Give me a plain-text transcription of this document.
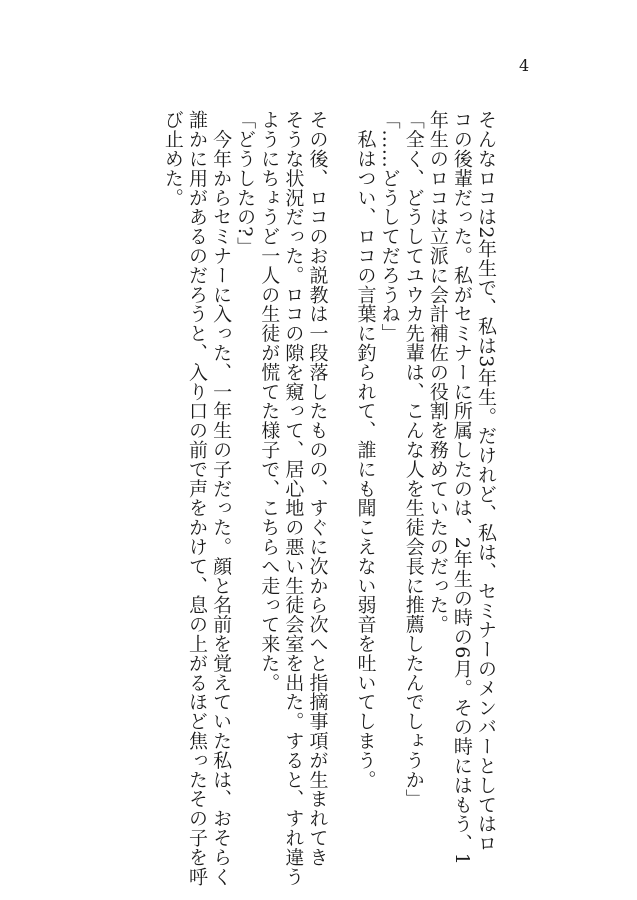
4
そんなロコは2年生で、私は3年生。だけれど、私は、セミナーのメンバーとしてはロ
コの後輩だった。私がセミナーに所属したのは、2年生の時の6月。その時にはもう、1
年生のロコは立派に会計補佐の役割を務めていたのだった。
「全く、どうしてユウカ先輩は、こんな人を生徒会長に推薦したんでしょうか」
「……どうしてだろうね」
　私はつい、ロコの言葉に釣られて、誰にも聞こえない弱音を吐いてしまう。
その後、ロコのお説教は一段落したものの、すぐに次から次へと指摘事項が生まれてき
そうな状況だった。ロコの隙を窺って、居心地の悪い生徒会室を出た。すると、すれ違う
ようにちょうど一人の生徒が慌てた様子で、こちらへ走って来た。
「どうしたの?」
　今年からセミナーに入った、一年生の子だった。顔と名前を覚えていた私は、おそらく
誰かに用があるのだろうと、入り口の前で声をかけて、息の上がるほど焦ったその子を呼
び止めた。
